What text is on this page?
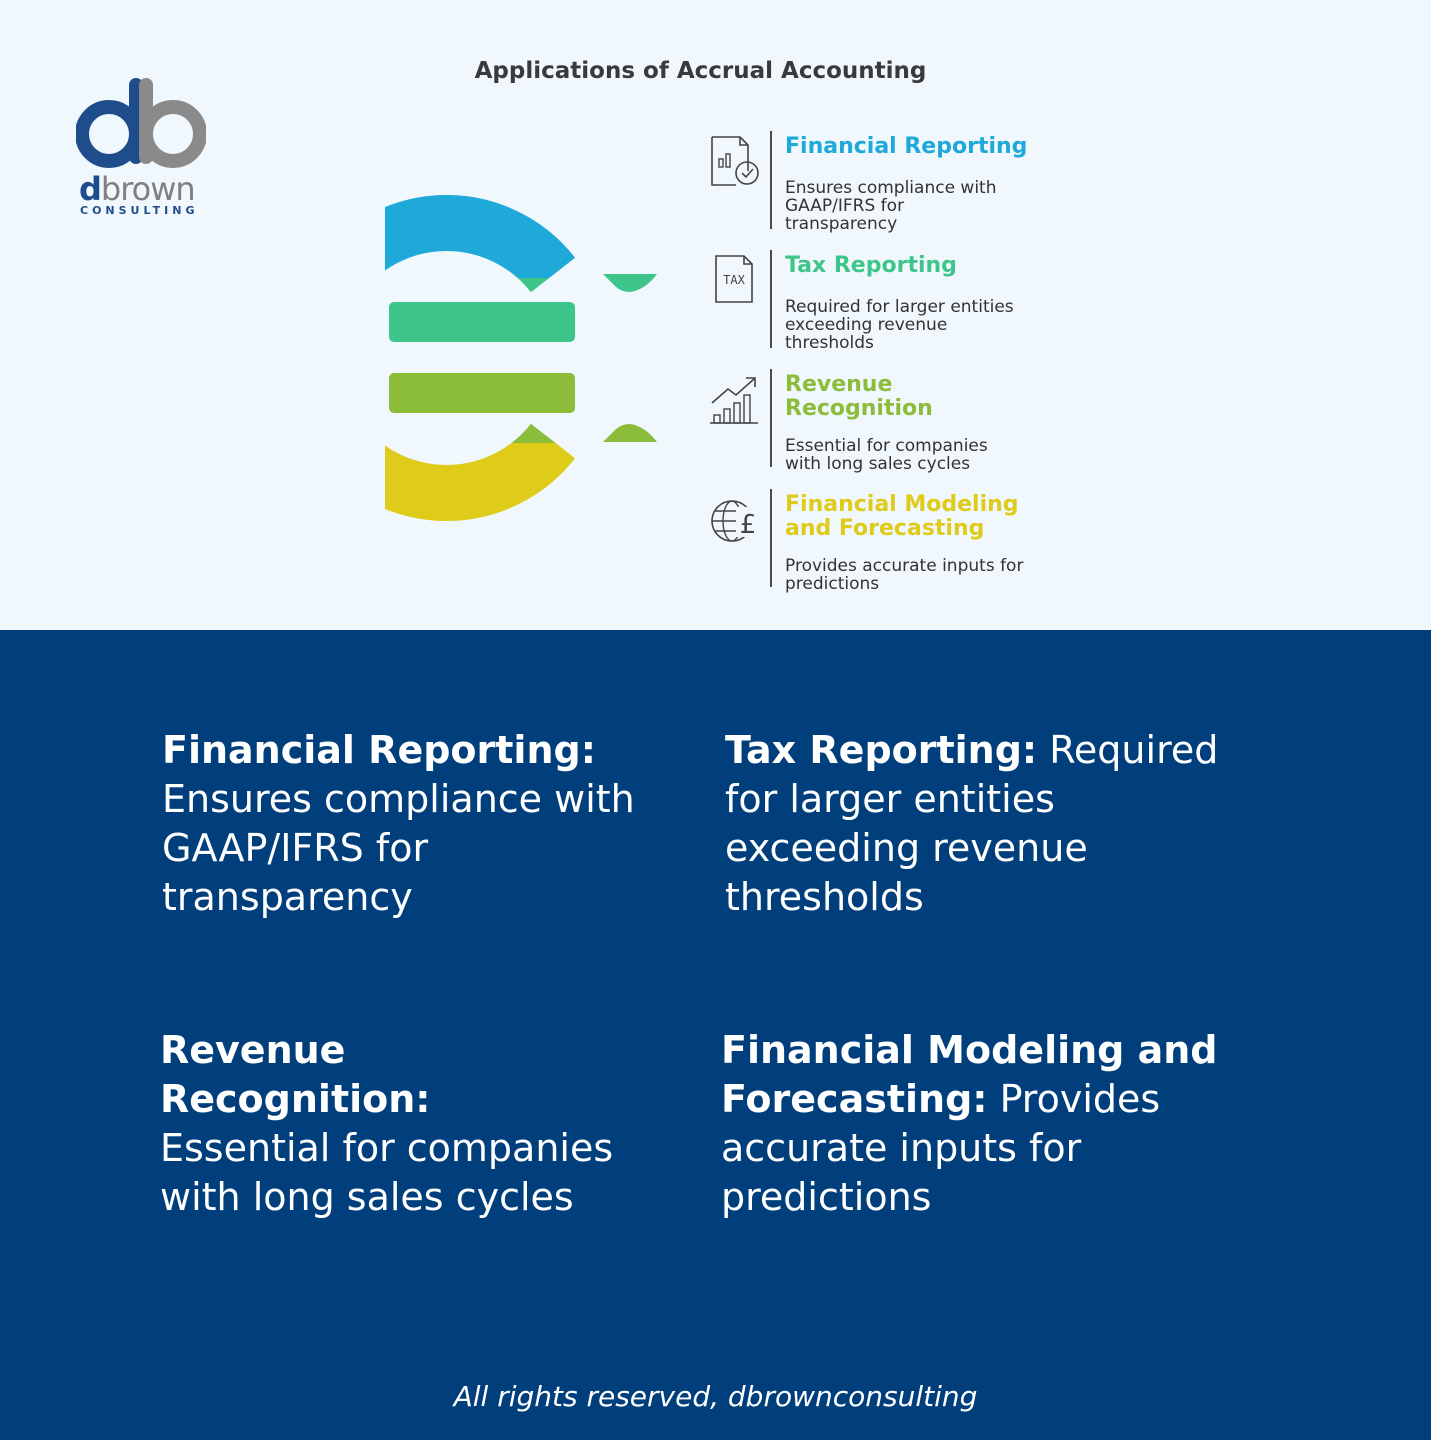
Applications of Accrual Accounting
dbrown
CONSULTING
Financial Reporting
Ensures compliance with GAAP/IFRS for transparency
TAX
Tax Reporting
Required for larger entities exceeding revenue thresholds
Revenue Recognition
Essential for companies with long sales cycles
£
Financial Modeling and Forecasting
Provides accurate inputs for predictions
Financial Reporting:
Ensures compliance with GAAP/IFRS for transparency
Tax Reporting: Required for larger entities exceeding revenue thresholds
Revenue Recognition:
Essential for companies with long sales cycles
Financial Modeling and Forecasting: Provides accurate inputs for predictions
All rights reserved, dbrownconsulting
